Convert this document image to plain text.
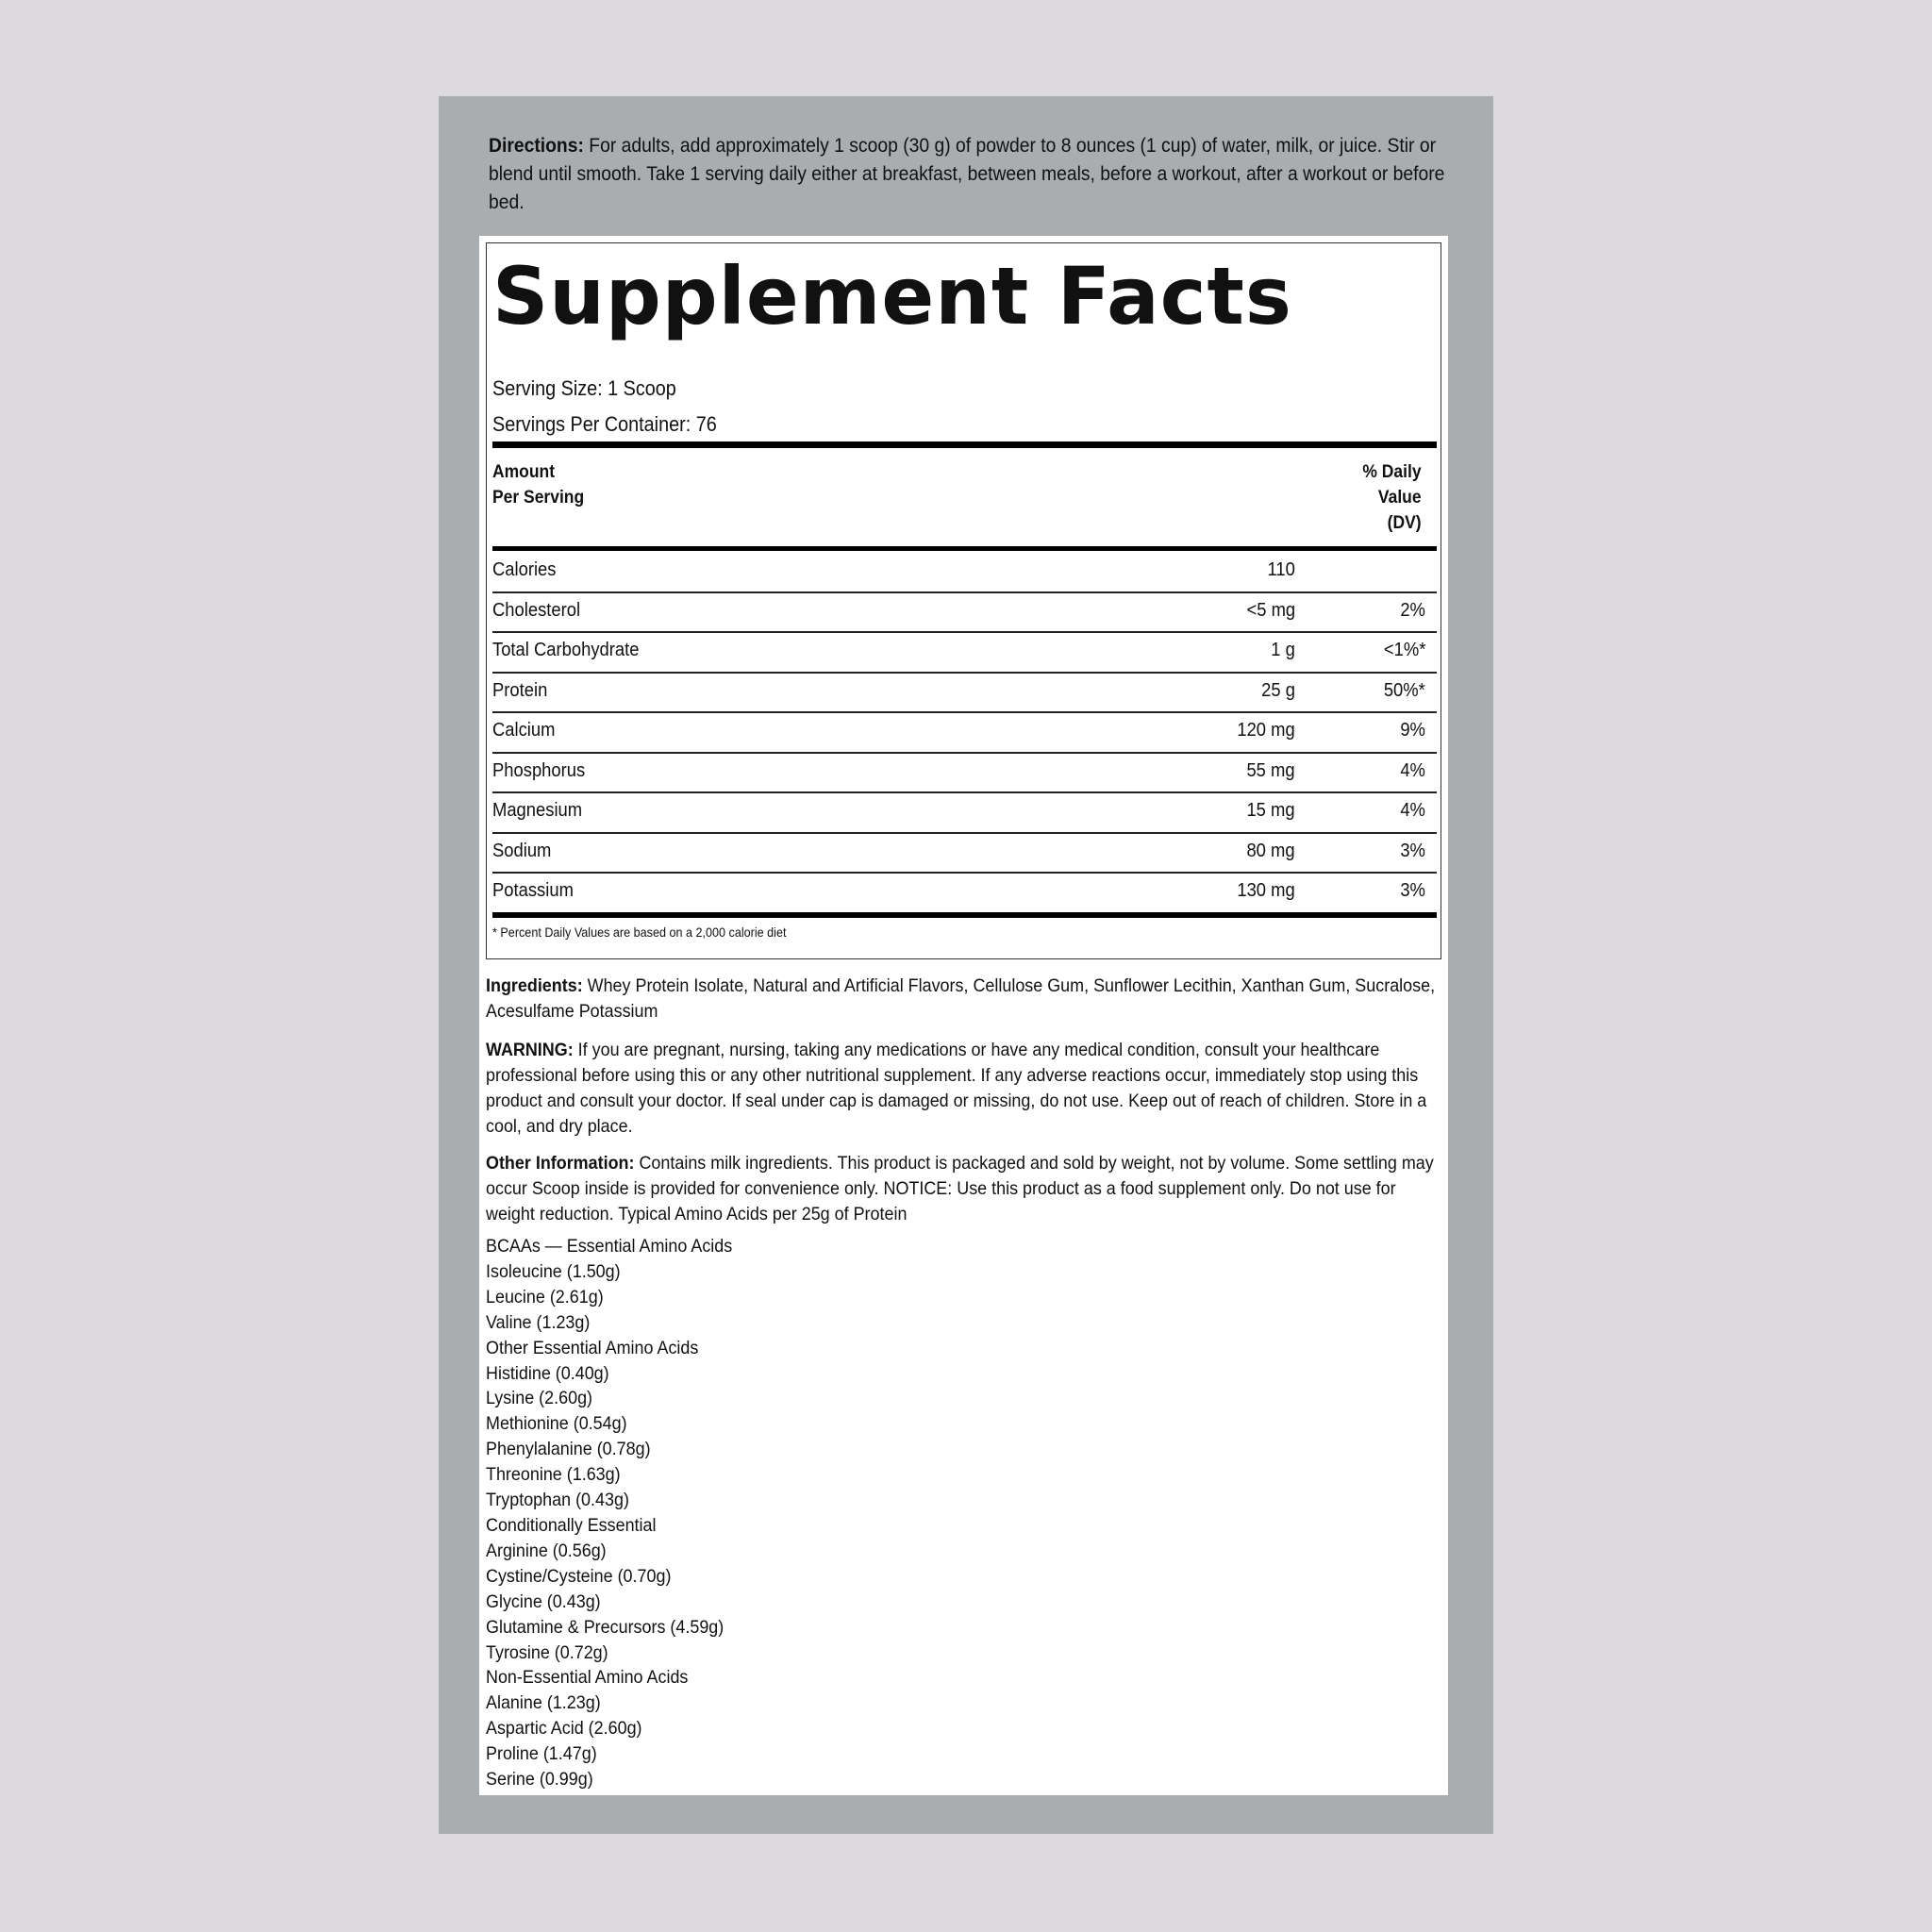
Directions: For adults, add approximately 1 scoop (30 g) of powder to 8 ounces (1 cup) of water, milk, or juice. Stir or blend until smooth. Take 1 serving daily either at breakfast, between meals, before a workout, after a workout or before bed.
Supplement Facts
Serving Size: 1 Scoop
Servings Per Container: 76
Amount
Per Serving
% Daily
Value
(DV)
Calories	110
Cholesterol	<5 mg	2%
Total Carbohydrate	1 g	<1%*
Protein	25 g	50%*
Calcium	120 mg	9%
Phosphorus	55 mg	4%
Magnesium	15 mg	4%
Sodium	80 mg	3%
Potassium	130 mg	3%
* Percent Daily Values are based on a 2,000 calorie diet
Ingredients: Whey Protein Isolate, Natural and Artificial Flavors, Cellulose Gum, Sunflower Lecithin, Xanthan Gum, Sucralose, Acesulfame Potassium
WARNING: If you are pregnant, nursing, taking any medications or have any medical condition, consult your healthcare professional before using this or any other nutritional supplement. If any adverse reactions occur, immediately stop using this product and consult your doctor. If seal under cap is damaged or missing, do not use. Keep out of reach of children. Store in a cool, and dry place.
Other Information: Contains milk ingredients. This product is packaged and sold by weight, not by volume. Some settling may occur Scoop inside is provided for convenience only. NOTICE: Use this product as a food supplement only. Do not use for weight reduction. Typical Amino Acids per 25g of Protein
BCAAs — Essential Amino Acids
Isoleucine (1.50g)
Leucine (2.61g)
Valine (1.23g)
Other Essential Amino Acids
Histidine (0.40g)
Lysine (2.60g)
Methionine (0.54g)
Phenylalanine (0.78g)
Threonine (1.63g)
Tryptophan (0.43g)
Conditionally Essential
Arginine (0.56g)
Cystine/Cysteine (0.70g)
Glycine (0.43g)
Glutamine & Precursors (4.59g)
Tyrosine (0.72g)
Non-Essential Amino Acids
Alanine (1.23g)
Aspartic Acid (2.60g)
Proline (1.47g)
Serine (0.99g)
